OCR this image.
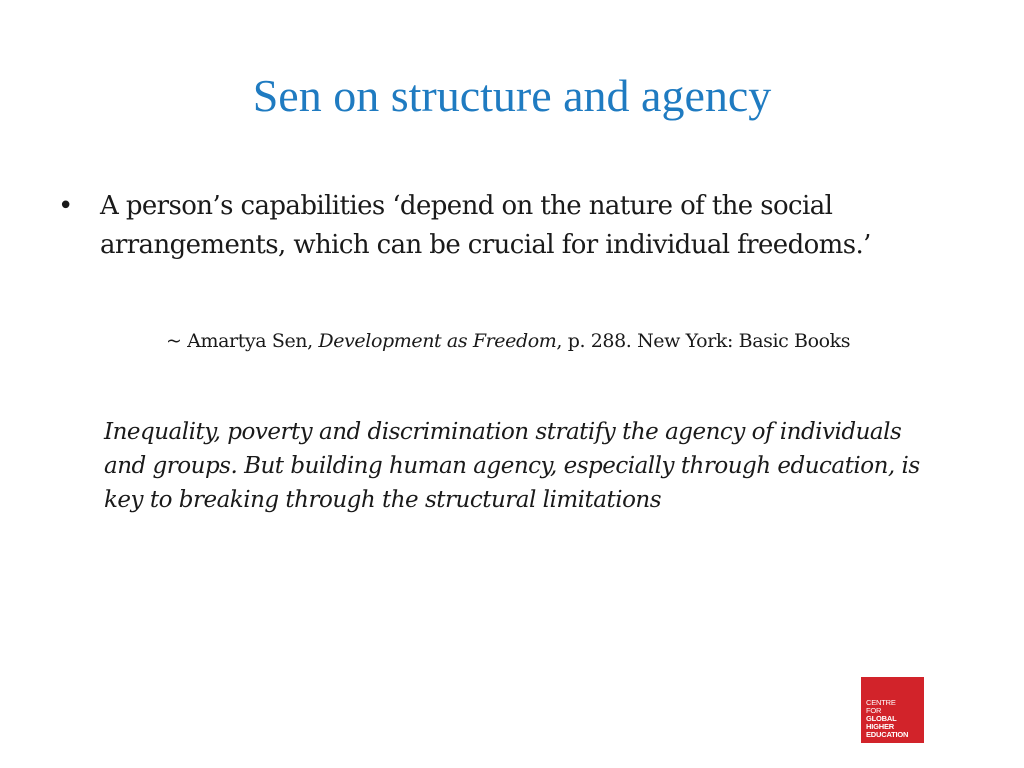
Sen on structure and agency
• A person’s capabilities ‘depend on the nature of the social arrangements, which can be crucial for individual freedoms.’

~ Amartya Sen, Development as Freedom, p. 288. New York: Basic Books

Inequality, poverty and discrimination stratify the agency of individuals and groups. But building human agency, especially through education, is key to breaking through the structural limitations

CENTRE
FOR
GLOBAL
HIGHER
EDUCATION
